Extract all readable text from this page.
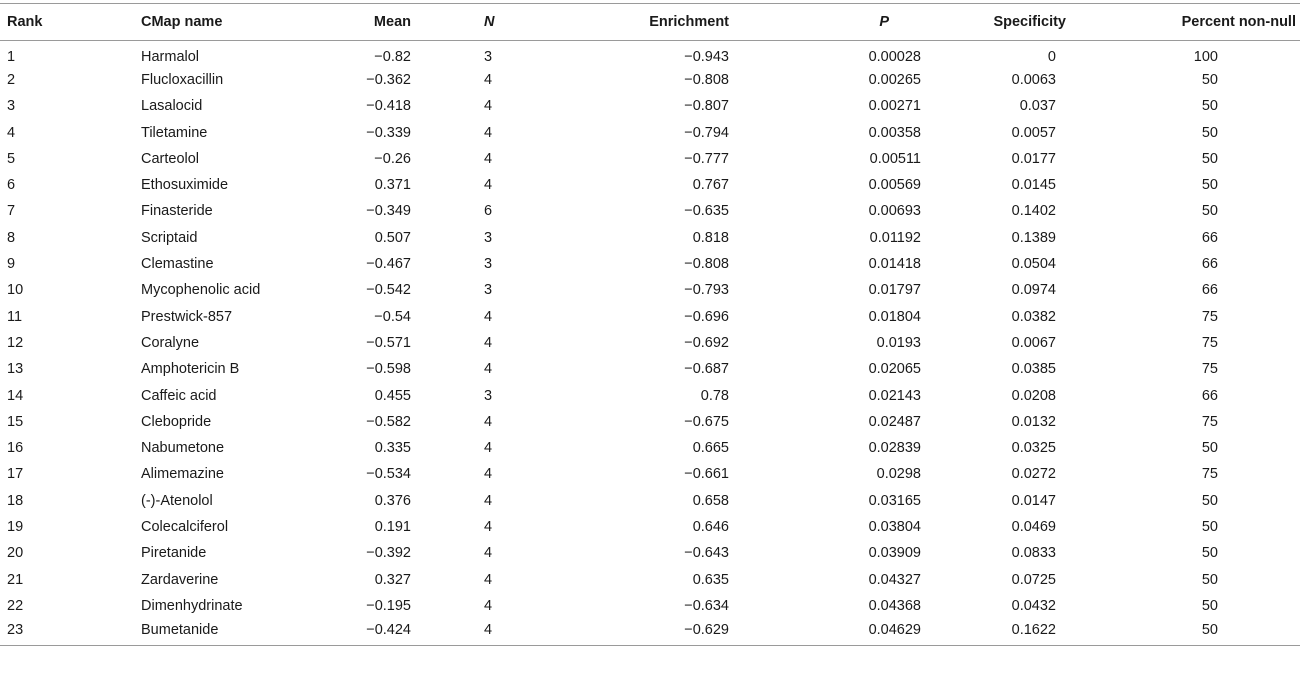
Rank	CMap name	Mean	N	Enrichment	P	Specificity	Percent non-null
1	Harmalol	−0.82	3	−0.943	0.00028	0	100
2	Flucloxacillin	−0.362	4	−0.808	0.00265	0.0063	50
3	Lasalocid	−0.418	4	−0.807	0.00271	0.037	50
4	Tiletamine	−0.339	4	−0.794	0.00358	0.0057	50
5	Carteolol	−0.26	4	−0.777	0.00511	0.0177	50
6	Ethosuximide	0.371	4	0.767	0.00569	0.0145	50
7	Finasteride	−0.349	6	−0.635	0.00693	0.1402	50
8	Scriptaid	0.507	3	0.818	0.01192	0.1389	66
9	Clemastine	−0.467	3	−0.808	0.01418	0.0504	66
10	Mycophenolic acid	−0.542	3	−0.793	0.01797	0.0974	66
11	Prestwick-857	−0.54	4	−0.696	0.01804	0.0382	75
12	Coralyne	−0.571	4	−0.692	0.0193	0.0067	75
13	Amphotericin B	−0.598	4	−0.687	0.02065	0.0385	75
14	Caffeic acid	0.455	3	0.78	0.02143	0.0208	66
15	Clebopride	−0.582	4	−0.675	0.02487	0.0132	75
16	Nabumetone	0.335	4	0.665	0.02839	0.0325	50
17	Alimemazine	−0.534	4	−0.661	0.0298	0.0272	75
18	(-)-Atenolol	0.376	4	0.658	0.03165	0.0147	50
19	Colecalciferol	0.191	4	0.646	0.03804	0.0469	50
20	Piretanide	−0.392	4	−0.643	0.03909	0.0833	50
21	Zardaverine	0.327	4	0.635	0.04327	0.0725	50
22	Dimenhydrinate	−0.195	4	−0.634	0.04368	0.0432	50
23	Bumetanide	−0.424	4	−0.629	0.04629	0.1622	50
